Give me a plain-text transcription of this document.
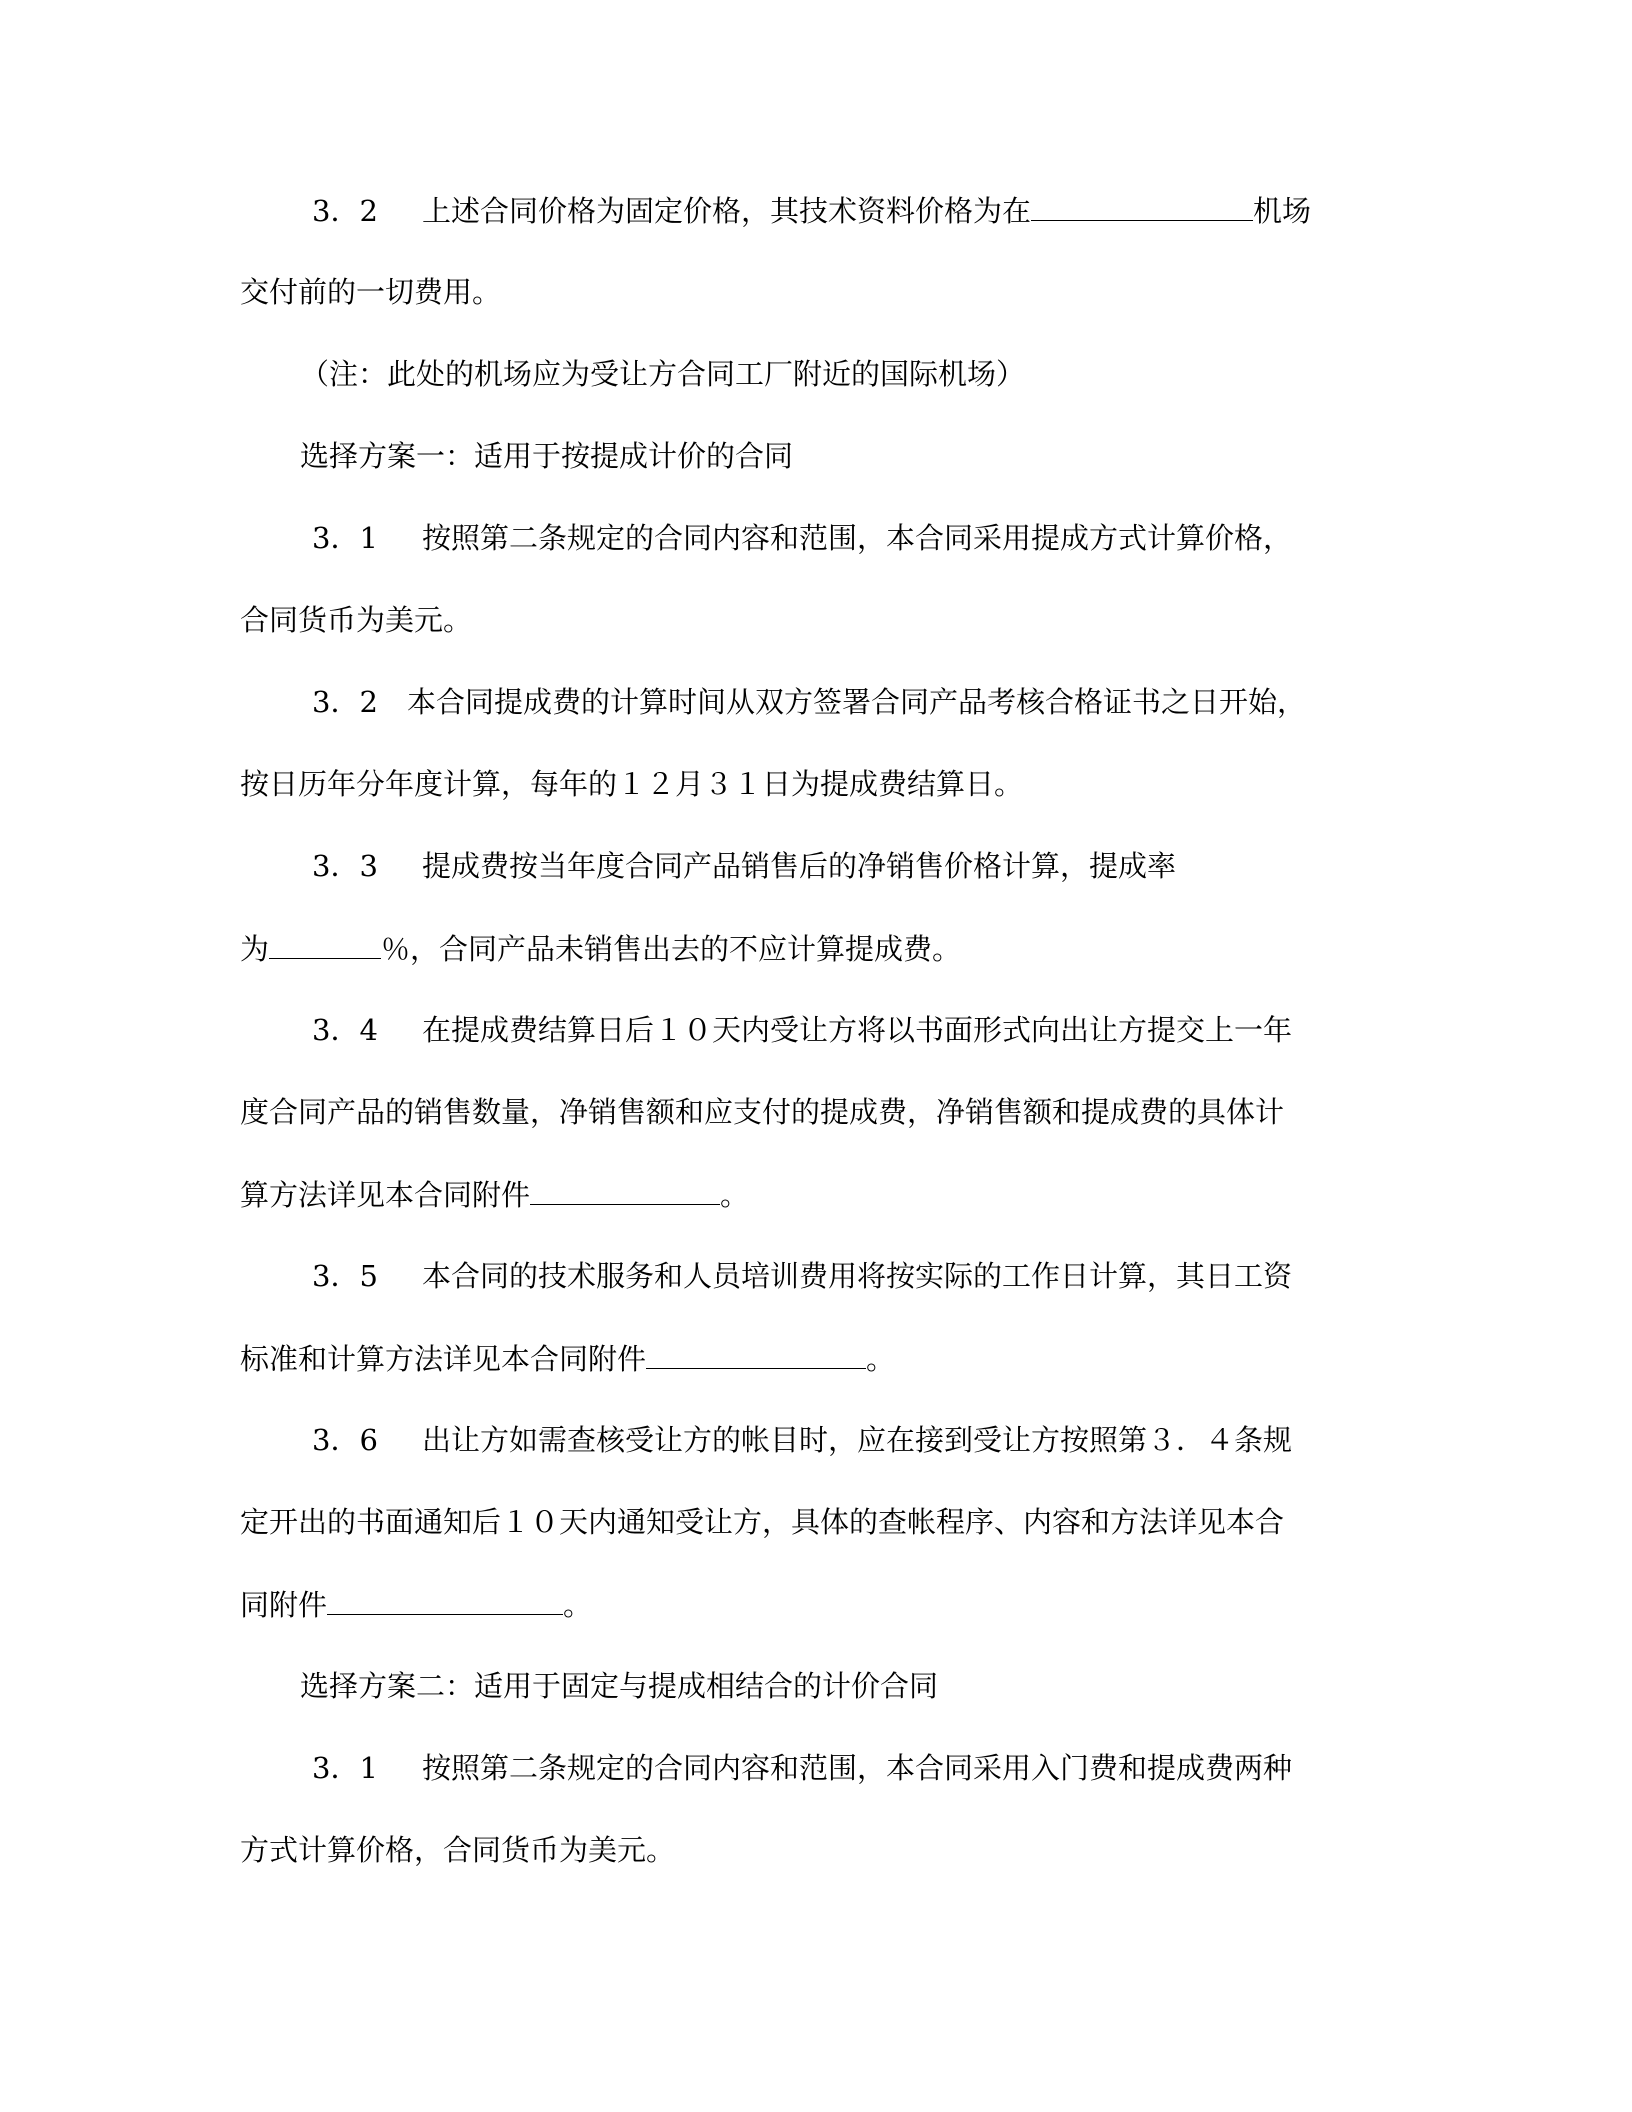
3．2 上述合同价格为固定价格，其技术资料价格为在	机场
交付前的一切费用。
（注：此处的机场应为受让方合同工厂附近的国际机场）
选择方案一：适用于按提成计价的合同
3．1 按照第二条规定的合同内容和范围，本合同采用提成方式计算价格，
合同货币为美元。
3．2 本合同提成费的计算时间从双方签署合同产品考核合格证书之日开始，
按日历年分年度计算，每年的１２月３１日为提成费结算日。
3．3 提成费按当年度合同产品销售后的净销售价格计算，提成率
为	％，合同产品未销售出去的不应计算提成费。
3．4 在提成费结算日后１０天内受让方将以书面形式向出让方提交上一年
度合同产品的销售数量，净销售额和应支付的提成费，净销售额和提成费的具体计
算方法详见本合同附件	。
3．5 本合同的技术服务和人员培训费用将按实际的工作日计算，其日工资
标准和计算方法详见本合同附件	。
3．6 出让方如需查核受让方的帐目时，应在接到受让方按照第３．４条规
定开出的书面通知后１０天内通知受让方，具体的查帐程序、内容和方法详见本合
同附件	。
选择方案二：适用于固定与提成相结合的计价合同
3．1 按照第二条规定的合同内容和范围，本合同采用入门费和提成费两种
方式计算价格，合同货币为美元。
